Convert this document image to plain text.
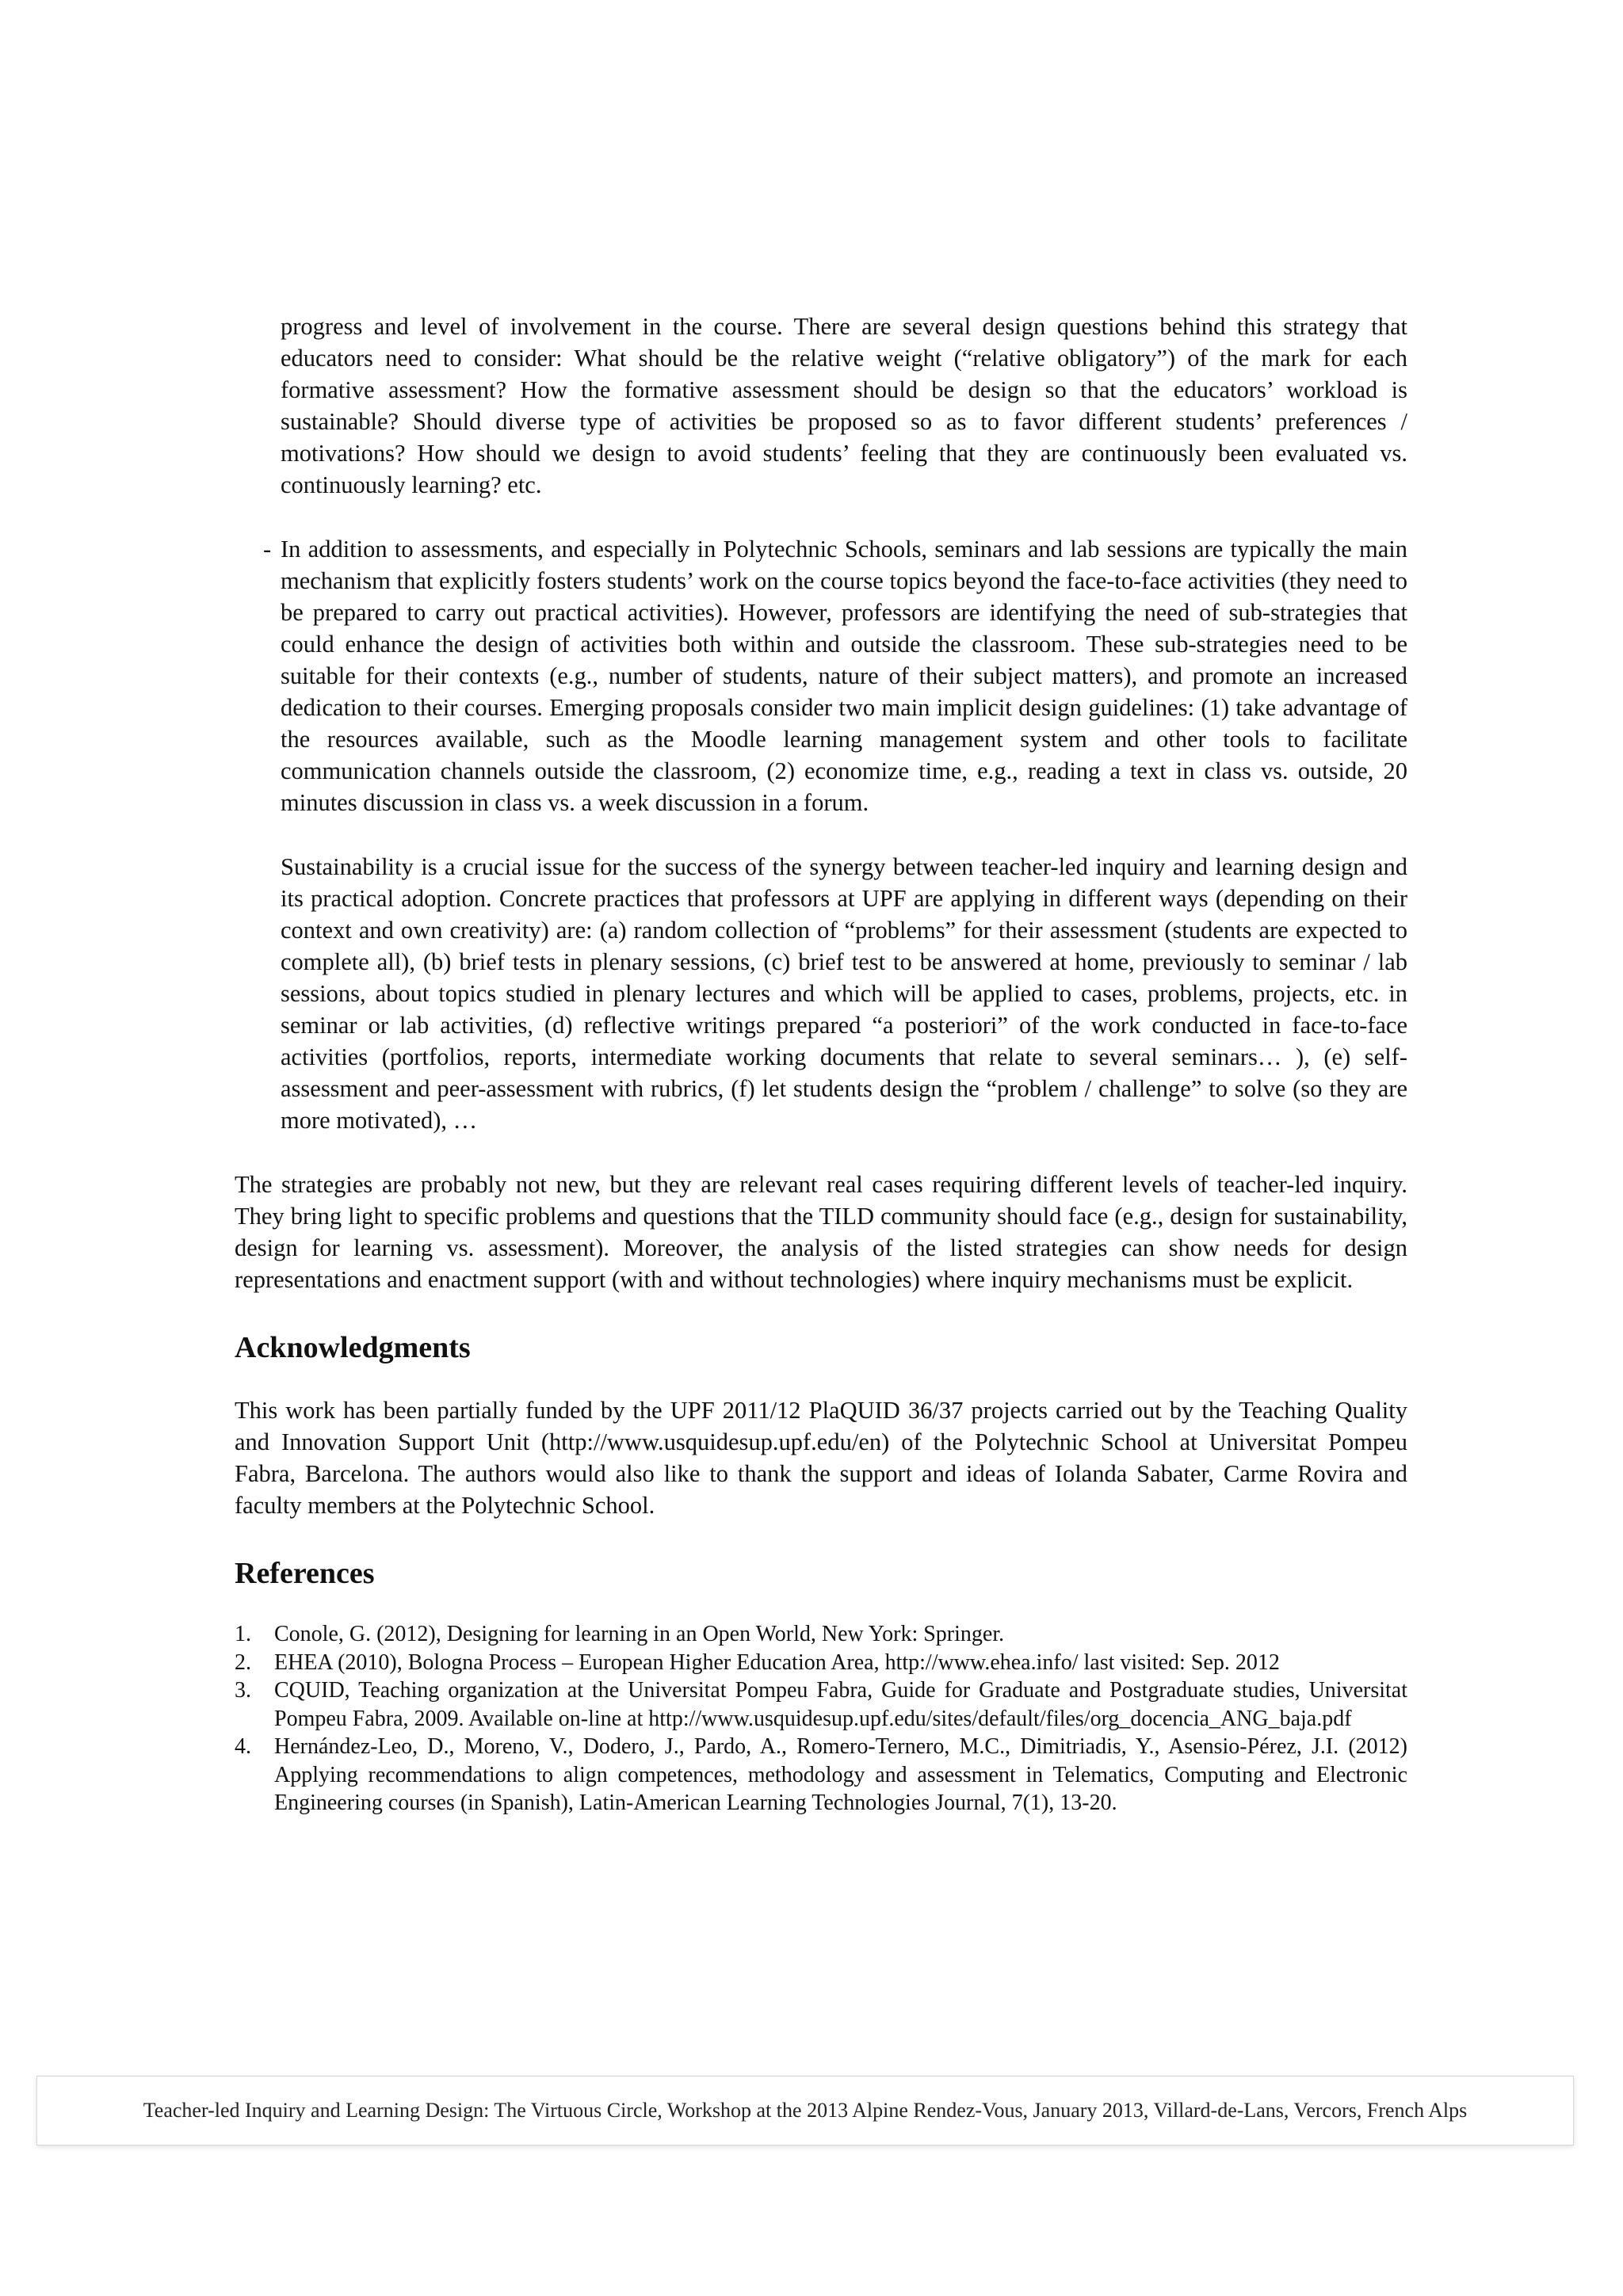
progress and level of involvement in the course. There are several design questions behind this strategy that educators need to consider: What should be the relative weight (“relative obligatory”) of the mark for each formative assessment? How the formative assessment should be design so that the educators’ workload is sustainable? Should diverse type of activities be proposed so as to favor different students’ preferences / motivations? How should we design to avoid students’ feeling that they are continuously been evaluated vs. continuously learning? etc.

- In addition to assessments, and especially in Polytechnic Schools, seminars and lab sessions are typically the main mechanism that explicitly fosters students’ work on the course topics beyond the face-to-face activities (they need to be prepared to carry out practical activities). However, professors are identifying the need of sub-strategies that could enhance the design of activities both within and outside the classroom. These sub-strategies need to be suitable for their contexts (e.g., number of students, nature of their subject matters), and promote an increased dedication to their courses. Emerging proposals consider two main implicit design guidelines: (1) take advantage of the resources available, such as the Moodle learning management system and other tools to facilitate communication channels outside the classroom, (2) economize time, e.g., reading a text in class vs. outside, 20 minutes discussion in class vs. a week discussion in a forum.

Sustainability is a crucial issue for the success of the synergy between teacher-led inquiry and learning design and its practical adoption. Concrete practices that professors at UPF are applying in different ways (depending on their context and own creativity) are: (a) random collection of “problems” for their assessment (students are expected to complete all), (b) brief tests in plenary sessions, (c) brief test to be answered at home, previously to seminar / lab sessions, about topics studied in plenary lectures and which will be applied to cases, problems, projects, etc. in seminar or lab activities, (d) reflective writings prepared “a posteriori” of the work conducted in face-to-face activities (portfolios, reports, intermediate working documents that relate to several seminars… ), (e) self-assessment and peer-assessment with rubrics, (f) let students design the “problem / challenge” to solve (so they are more motivated), …

The strategies are probably not new, but they are relevant real cases requiring different levels of teacher-led inquiry. They bring light to specific problems and questions that the TILD community should face (e.g., design for sustainability, design for learning vs. assessment). Moreover, the analysis of the listed strategies can show needs for design representations and enactment support (with and without technologies) where inquiry mechanisms must be explicit.

Acknowledgments

This work has been partially funded by the UPF 2011/12 PlaQUID 36/37 projects carried out by the Teaching Quality and Innovation Support Unit (http://www.usquidesup.upf.edu/en) of the Polytechnic School at Universitat Pompeu Fabra, Barcelona. The authors would also like to thank the support and ideas of Iolanda Sabater, Carme Rovira and faculty members at the Polytechnic School.

References
1. Conole, G. (2012), Designing for learning in an Open World, New York: Springer.
2. EHEA (2010), Bologna Process – European Higher Education Area, http://www.ehea.info/ last visited: Sep. 2012
3. CQUID, Teaching organization at the Universitat Pompeu Fabra, Guide for Graduate and Postgraduate studies, Universitat Pompeu Fabra, 2009. Available on-line at http://www.usquidesup.upf.edu/sites/default/files/org_docencia_ANG_baja.pdf
4. Hernández-Leo, D., Moreno, V., Dodero, J., Pardo, A., Romero-Ternero, M.C., Dimitriadis, Y., Asensio-Pérez, J.I. (2012) Applying recommendations to align competences, methodology and assessment in Telematics, Computing and Electronic Engineering courses (in Spanish), Latin-American Learning Technologies Journal, 7(1), 13-20.
Teacher-led Inquiry and Learning Design: The Virtuous Circle, Workshop at the 2013 Alpine Rendez-Vous, January 2013, Villard-de-Lans, Vercors, French Alps
